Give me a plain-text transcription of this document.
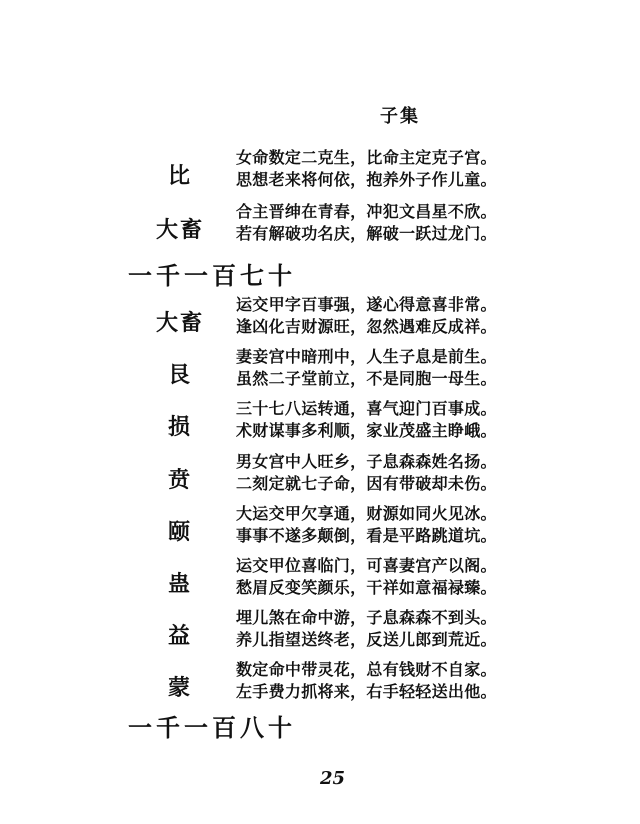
子集
比
女命数定二克生，比命主定克子宫。
思想老来将何依，抱养外子作儿童。
大畜
合主晋绅在青春，冲犯文昌星不欣。
若有解破功名庆，解破一跃过龙门。
一千一百七十
大畜
运交甲字百事强，遂心得意喜非常。
逢凶化吉财源旺，忽然遇难反成祥。
艮
妻妾宫中暗刑中，人生子息是前生。
虽然二子堂前立，不是同胞一母生。
损
三十七八运转通，喜气迎门百事成。
术财谋事多利顺，家业茂盛主睁峨。
贲
男女宫中人旺乡，子息森森姓名扬。
二刻定就七子命，因有带破却未伤。
颐
大运交甲欠享通，财源如同火见冰。
事事不遂多颠倒，看是平路跳道坑。
蛊
运交甲位喜临门，可喜妻宫产以阁。
愁眉反变笑颜乐，干祥如意福禄臻。
益
埋儿煞在命中游，子息森森不到头。
养儿指望送终老，反送儿郎到荒近。
蒙
数定命中带灵花，总有钱财不自家。
左手费力抓将来，右手轻轻送出他。
一千一百八十
25
